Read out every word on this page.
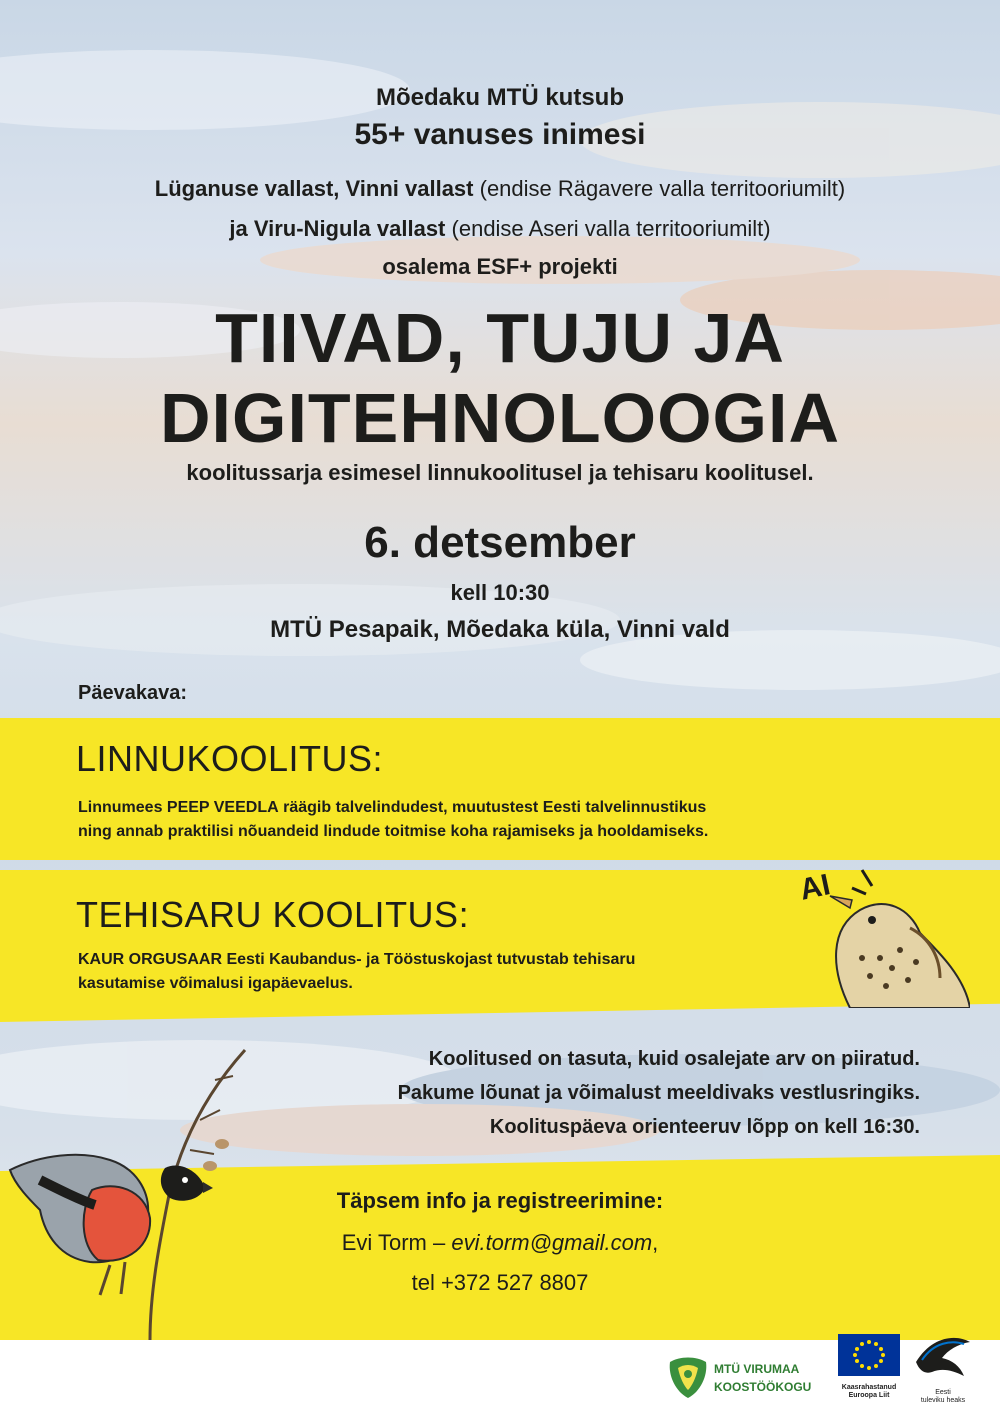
Mõedaku MTÜ kutsub
55+ vanuses inimesi
Lüganuse vallast, Vinni vallast (endise Rägavere valla territooriumilt)
ja Viru-Nigula vallast (endise Aseri valla territooriumilt)
osalema ESF+ projekti
TIIVAD, TUJU JA
DIGITEHNOLOOGIA
koolitussarja esimesel linnukoolitusel ja tehisaru koolitusel.
6. detsember
kell 10:30
MTÜ Pesapaik, Mõedaka küla, Vinni vald
Päevakava:
LINNUKOOLITUS:
Linnumees PEEP VEEDLA räägib talvelindudest, muutustest Eesti talvelinnustikus
ning annab praktilisi nõuandeid lindude toitmise koha rajamiseks ja hooldamiseks.
TEHISARU KOOLITUS:
KAUR ORGUSAAR Eesti Kaubandus- ja Tööstuskojast tutvustab tehisaru
kasutamise võimalusi igapäevaelus.
AI
Koolitused on tasuta, kuid osalejate arv on piiratud.
Pakume lõunat ja võimalust meeldivaks vestlusringiks.
Koolituspäeva orienteeruv lõpp on kell 16:30.
Täpsem info ja registreerimine:
Evi Torm – evi.torm@gmail.com,
tel +372 527 8807
MTÜ VIRUMAA
KOOSTÖÖKOGU	Kaasrahastanud
Euroopa Liit	Eesti
tuleviku heaks
